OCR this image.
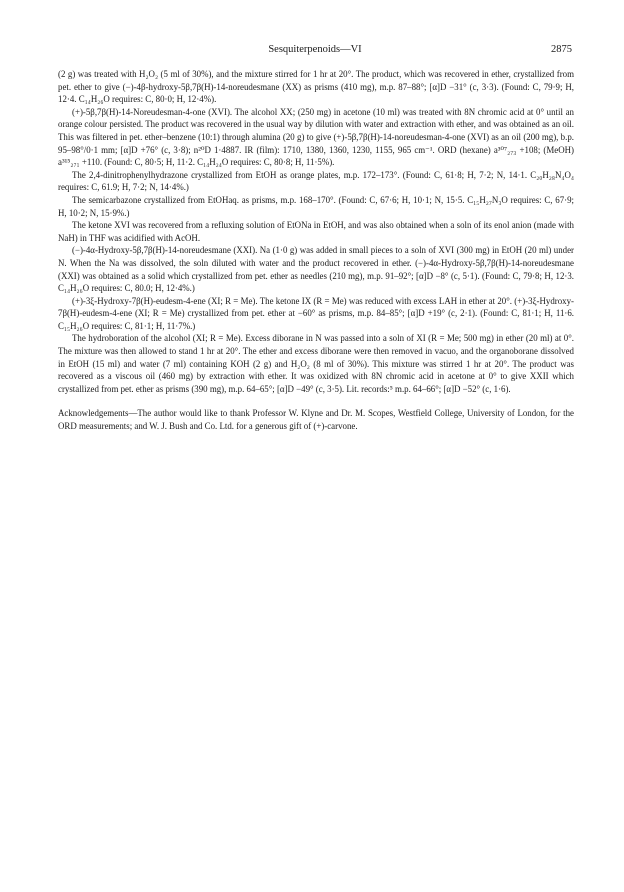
Sesquiterpenoids—VI	2875

(2 g) was treated with H₂O₂ (5 ml of 30%), and the mixture stirred for 1 hr at 20°. The product, which was recovered in ether, crystallized from pet. ether to give (−)-4β-hydroxy-5β,7β(H)-14-noreudesmane (XX) as prisms (410 mg), m.p. 87–88°; [α]D −31° (c, 3·3). (Found: C, 79·9; H, 12·4. C₁₄H₂₆O requires: C, 80·0; H, 12·4%).

(+)-5β,7β(H)-14-Noreudesman-4-one (XVI). The alcohol XX; (250 mg) in acetone (10 ml) was treated with 8N chromic acid at 0° until an orange colour persisted. The product was recovered in the usual way by dilution with water and extraction with ether, and was obtained as an oil. This was filtered in pet. ether–benzene (10:1) through alumina (20 g) to give (+)-5β,7β(H)-14-noreudesman-4-one (XVI) as an oil (200 mg), b.p. 95–98°/0·1 mm; [α]D +76° (c, 3·8); n²⁰D 1·4887. IR (film): 1710, 1380, 1360, 1230, 1155, 965 cm⁻¹. ORD (hexane) a³⁰⁷₂₇₃ +108; (MeOH) a³¹⁵₂₇₁ +110. (Found: C, 80·5; H, 11·2. C₁₄H₂₄O requires: C, 80·8; H, 11·5%).

The 2,4-dinitrophenylhydrazone crystallized from EtOH as orange plates, m.p. 172–173°. (Found: C, 61·8; H, 7·2; N, 14·1. C₂₀H₂₈N₄O₄ requires: C, 61.9; H, 7·2; N, 14·4%.)

The semicarbazone crystallized from EtOHaq. as prisms, m.p. 168–170°. (Found: C, 67·6; H, 10·1; N, 15·5. C₁₅H₂₇N₃O requires: C, 67·9; H, 10·2; N, 15·9%.)

The ketone XVI was recovered from a refluxing solution of EtONa in EtOH, and was also obtained when a soln of its enol anion (made with NaH) in THF was acidified with AcOH.

(−)-4α-Hydroxy-5β,7β(H)-14-noreudesmane (XXI). Na (1·0 g) was added in small pieces to a soln of XVI (300 mg) in EtOH (20 ml) under N. When the Na was dissolved, the soln diluted with water and the product recovered in ether. (−)-4α-Hydroxy-5β,7β(H)-14-noreudesmane (XXI) was obtained as a solid which crystallized from pet. ether as needles (210 mg), m.p. 91–92°; [α]D −8° (c, 5·1). (Found: C, 79·8; H, 12·3. C₁₄H₂₆O requires: C, 80.0; H, 12·4%.)

(+)-3ξ-Hydroxy-7β(H)-eudesm-4-ene (XI; R = Me). The ketone IX (R = Me) was reduced with excess LAH in ether at 20°. (+)-3ξ-Hydroxy-7β(H)-eudesm-4-ene (XI; R = Me) crystallized from pet. ether at −60° as prisms, m.p. 84–85°; [α]D +19° (c, 2·1). (Found: C, 81·1; H, 11·6. C₁₅H₂₆O requires: C, 81·1; H, 11·7%.)

The hydroboration of the alcohol (XI; R = Me). Excess diborane in N was passed into a soln of XI (R = Me; 500 mg) in ether (20 ml) at 0°. The mixture was then allowed to stand 1 hr at 20°. The ether and excess diborane were then removed in vacuo, and the organoborane dissolved in EtOH (15 ml) and water (7 ml) containing KOH (2 g) and H₂O₂ (8 ml of 30%). This mixture was stirred 1 hr at 20°. The product was recovered as a viscous oil (460 mg) by extraction with ether. It was oxidized with 8N chromic acid in acetone at 0° to give XXII which crystallized from pet. ether as prisms (390 mg), m.p. 64–65°; [α]D −49° (c, 3·5). Lit. records:⁵ m.p. 64–66°; [α]D −52° (c, 1·6).

Acknowledgements—The author would like to thank Professor W. Klyne and Dr. M. Scopes, Westfield College, University of London, for the ORD measurements; and W. J. Bush and Co. Ltd. for a generous gift of (+)-carvone.
